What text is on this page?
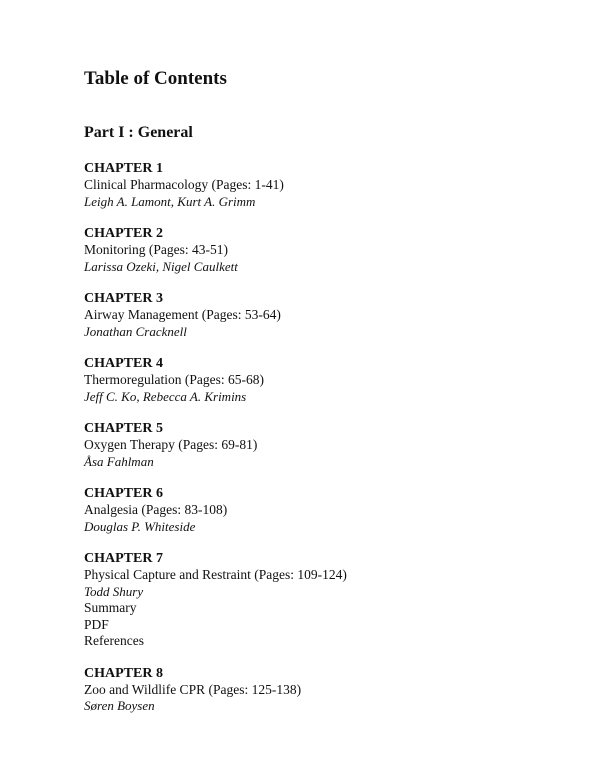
Table of Contents
Part I : General
CHAPTER 1
Clinical Pharmacology (Pages: 1-41)
Leigh A. Lamont, Kurt A. Grimm
CHAPTER 2
Monitoring (Pages: 43-51)
Larissa Ozeki, Nigel Caulkett
CHAPTER 3
Airway Management (Pages: 53-64)
Jonathan Cracknell
CHAPTER 4
Thermoregulation (Pages: 65-68)
Jeff C. Ko, Rebecca A. Krimins
CHAPTER 5
Oxygen Therapy (Pages: 69-81)
Åsa Fahlman
CHAPTER 6
Analgesia (Pages: 83-108)
Douglas P. Whiteside
CHAPTER 7
Physical Capture and Restraint (Pages: 109-124)
Todd Shury
Summary
PDF
References
CHAPTER 8
Zoo and Wildlife CPR (Pages: 125-138)
Søren Boysen
